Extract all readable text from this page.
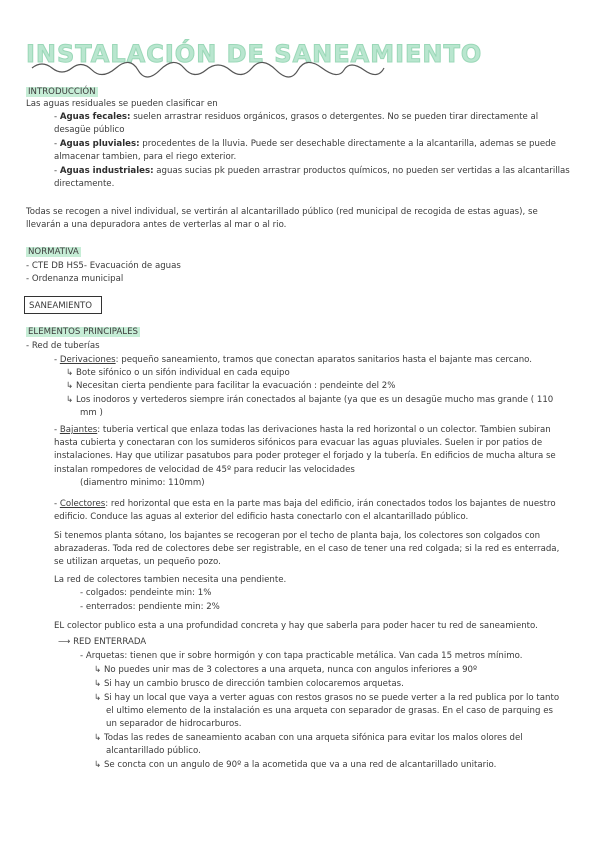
INSTALACIÓN DE SANEAMIENTO
INTRODUCCIÓN
Las aguas residuales se pueden clasificar en
- Aguas fecales: suelen arrastrar residuos orgánicos, grasos o detergentes. No se pueden tirar directamente al
desagüe público
- Aguas pluviales: procedentes de la lluvia. Puede ser desechable directamente a la alcantarilla, ademas se puede
almacenar tambien, para el riego exterior.
- Aguas industriales: aguas sucias pk pueden arrastrar productos químicos, no pueden ser vertidas a las alcantarillas
directamente.
Todas se recogen a nivel individual, se vertirán al alcantarillado público (red municipal de recogida de estas aguas), se
llevarán a una depuradora antes de verterlas al mar o al rio.
NORMATIVA
- CTE DB HS5- Evacuación de aguas
- Ordenanza municipal
SANEAMIENTO
ELEMENTOS PRINCIPALES
- Red de tuberías
- Derivaciones: pequeño saneamiento, tramos que conectan aparatos sanitarios hasta el bajante mas cercano.
↳ Bote sifónico o un sifón individual en cada equipo
↳ Necesitan cierta pendiente para facilitar la evacuación : pendeinte del 2%
↳ Los inodoros y vertederos siempre irán conectados al bajante (ya que es un desagüe mucho mas grande ( 110
mm )
- Bajantes: tuberia vertical que enlaza todas las derivaciones hasta la red horizontal o un colector. Tambien subiran
hasta cubierta y conectaran con los sumideros sifónicos para evacuar las aguas pluviales. Suelen ir por patios de
instalaciones. Hay que utilizar pasatubos para poder proteger el forjado y la tubería. En edificios de mucha altura se
instalan rompedores de velocidad de 45º para reducir las velocidades
(diamentro minimo: 110mm)
- Colectores: red horizontal que esta en la parte mas baja del edificio, irán conectados todos los bajantes de nuestro
edificio. Conduce las aguas al exterior del edificio hasta conectarlo con el alcantarillado público.
Si tenemos planta sótano, los bajantes se recogeran por el techo de planta baja, los colectores son colgados con
abrazaderas. Toda red de colectores debe ser registrable, en el caso de tener una red colgada; si la red es enterrada,
se utilizan arquetas, un pequeño pozo.
La red de colectores tambien necesita una pendiente.
- colgados: pendeinte min: 1%
- enterrados: pendiente min: 2%
EL colector publico esta a una profundidad concreta y hay que saberla para poder hacer tu red de saneamiento.
⟶ RED ENTERRADA
- Arquetas: tienen que ir sobre hormigón y con tapa practicable metálica. Van cada 15 metros mínimo.
↳ No puedes unir mas de 3 colectores a una arqueta, nunca con angulos inferiores a 90º
↳ Si hay un cambio brusco de dirección tambien colocaremos arquetas.
↳ Si hay un local que vaya a verter aguas con restos grasos no se puede verter a la red publica por lo tanto
el ultimo elemento de la instalación es una arqueta con separador de grasas. En el caso de parquing es
un separador de hidrocarburos.
↳ Todas las redes de saneamiento acaban con una arqueta sifónica para evitar los malos olores del
alcantarillado público.
↳ Se concta con un angulo de 90º a la acometida que va a una red de alcantarillado unitario.
